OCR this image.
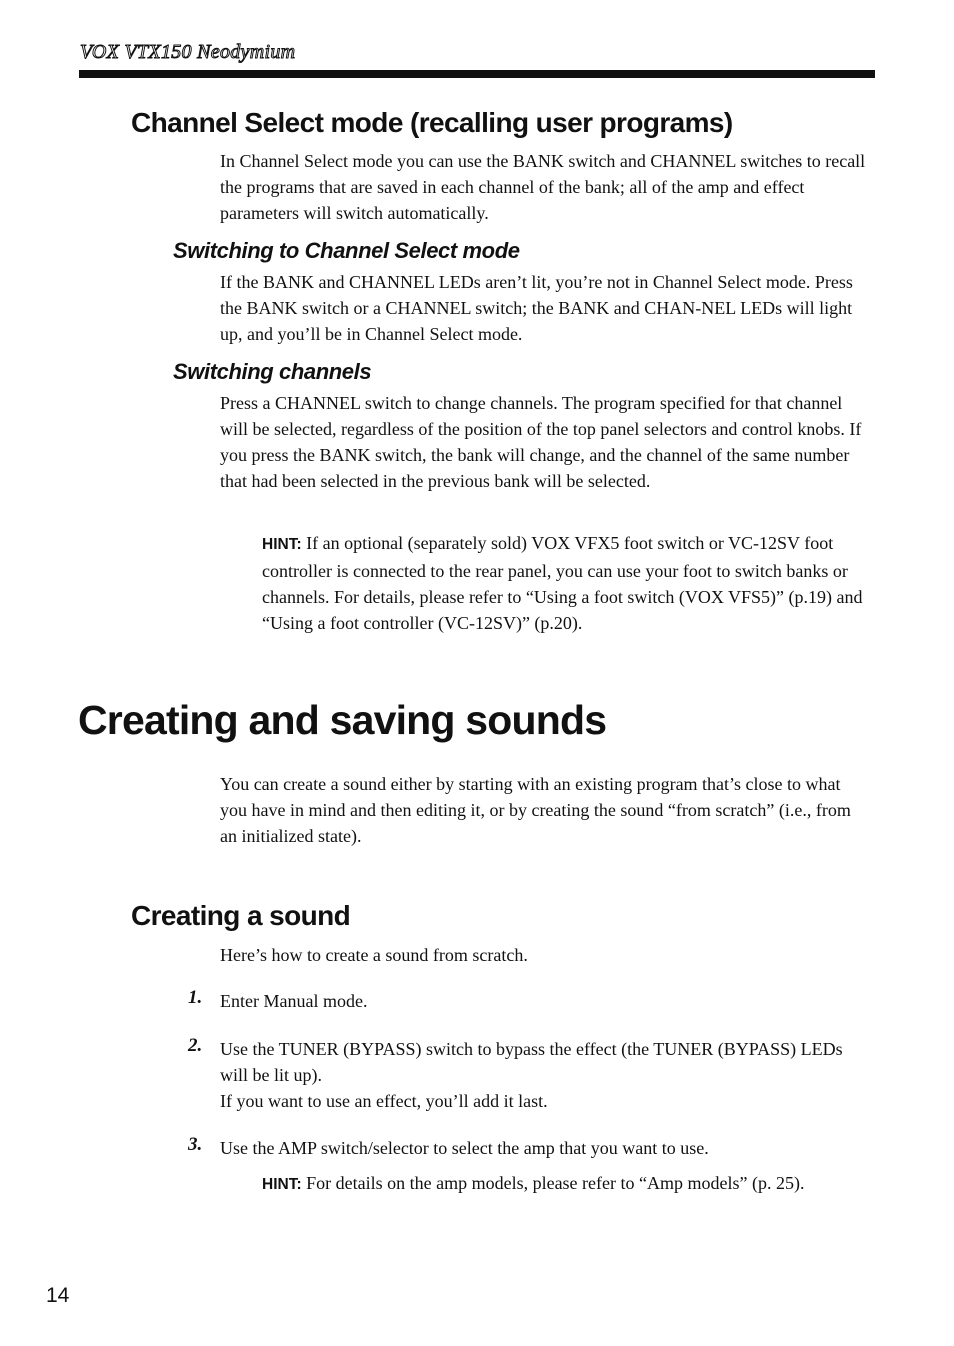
VOX VTX150 Neodymium
Channel Select mode (recalling user programs)
In Channel Select mode you can use the BANK switch and CHANNEL switches to recall the programs that are saved in each channel of the bank; all of the amp and effect parameters will switch automatically.
Switching to Channel Select mode
If the BANK and CHANNEL LEDs aren’t lit, you’re not in Channel Select mode. Press the BANK switch or a CHANNEL switch; the BANK and CHAN-NEL LEDs will light up, and you’ll be in Channel Select mode.
Switching channels
Press a CHANNEL switch to change channels. The program specified for that channel will be selected, regardless of the position of the top panel selectors and control knobs. If you press the BANK switch, the bank will change, and the channel of the same number that had been selected in the previous bank will be selected.
HINT: If an optional (separately sold) VOX VFX5 foot switch or VC-12SV foot controller is connected to the rear panel, you can use your foot to switch banks or channels. For details, please refer to “Using a foot switch (VOX VFS5)” (p.19) and “Using a foot controller (VC-12SV)” (p.20).
Creating and saving sounds
You can create a sound either by starting with an existing program that’s close to what you have in mind and then editing it, or by creating the sound “from scratch” (i.e., from an initialized state).
Creating a sound
Here’s how to create a sound from scratch.
1. Enter Manual mode.
2. Use the TUNER (BYPASS) switch to bypass the effect (the TUNER (BYPASS) LEDs will be lit up).
If you want to use an effect, you’ll add it last.
3. Use the AMP switch/selector to select the amp that you want to use.
HINT: For details on the amp models, please refer to “Amp models” (p. 25).
14
